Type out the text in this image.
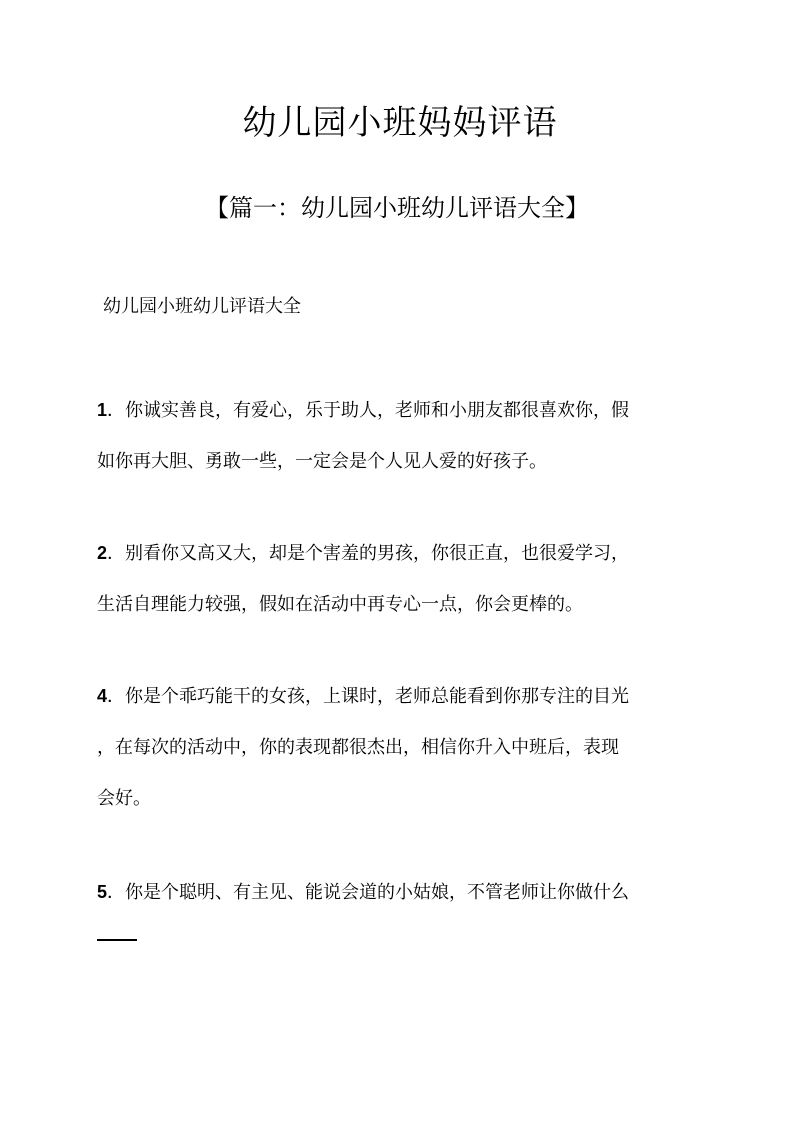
幼儿园小班妈妈评语
【篇一：幼儿园小班幼儿评语大全】
幼儿园小班幼儿评语大全
1．你诚实善良，有爱心，乐于助人，老师和小朋友都很喜欢你，假
如你再大胆、勇敢一些，一定会是个人见人爱的好孩子。
2．别看你又高又大，却是个害羞的男孩，你很正直，也很爱学习，
生活自理能力较强，假如在活动中再专心一点，你会更棒的。
4．你是个乖巧能干的女孩，上课时，老师总能看到你那专注的目光
，在每次的活动中，你的表现都很杰出，相信你升入中班后，表现
会好。
5．你是个聪明、有主见、能说会道的小姑娘，不管老师让你做什么
